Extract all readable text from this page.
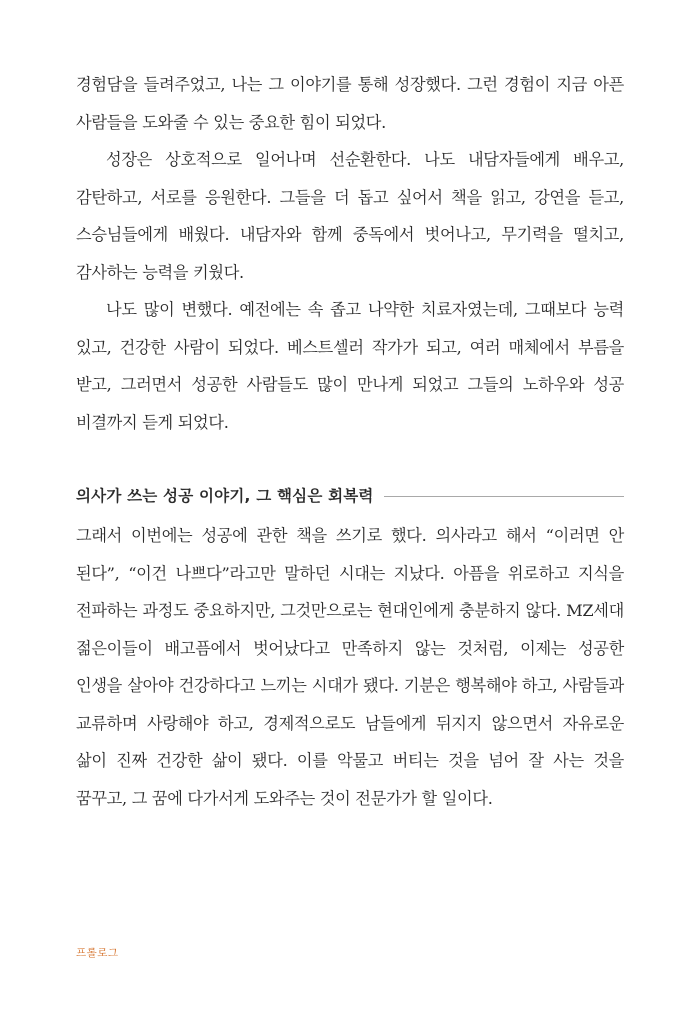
경험담을 들려주었고, 나는 그 이야기를 통해 성장했다. 그런 경험이 지금 아픈 사람들을 도와줄 수 있는 중요한 힘이 되었다.

성장은 상호적으로 일어나며 선순환한다. 나도 내담자들에게 배우고, 감탄하고, 서로를 응원한다. 그들을 더 돕고 싶어서 책을 읽고, 강연을 듣고, 스승님들에게 배웠다. 내담자와 함께 중독에서 벗어나고, 무기력을 떨치고, 감사하는 능력을 키웠다.

나도 많이 변했다. 예전에는 속 좁고 나약한 치료자였는데, 그때보다 능력 있고, 건강한 사람이 되었다. 베스트셀러 작가가 되고, 여러 매체에서 부름을 받고, 그러면서 성공한 사람들도 많이 만나게 되었고 그들의 노하우와 성공 비결까지 듣게 되었다.

의사가 쓰는 성공 이야기, 그 핵심은 회복력

그래서 이번에는 성공에 관한 책을 쓰기로 했다. 의사라고 해서 “이러면 안 된다”, “이건 나쁘다”라고만 말하던 시대는 지났다. 아픔을 위로하고 지식을 전파하는 과정도 중요하지만, 그것만으로는 현대인에게 충분하지 않다. MZ세대 젊은이들이 배고픔에서 벗어났다고 만족하지 않는 것처럼, 이제는 성공한 인생을 살아야 건강하다고 느끼는 시대가 됐다. 기분은 행복해야 하고, 사람들과 교류하며 사랑해야 하고, 경제적으로도 남들에게 뒤지지 않으면서 자유로운 삶이 진짜 건강한 삶이 됐다. 이를 악물고 버티는 것을 넘어 잘 사는 것을 꿈꾸고, 그 꿈에 다가서게 도와주는 것이 전문가가 할 일이다.

프롤로그
